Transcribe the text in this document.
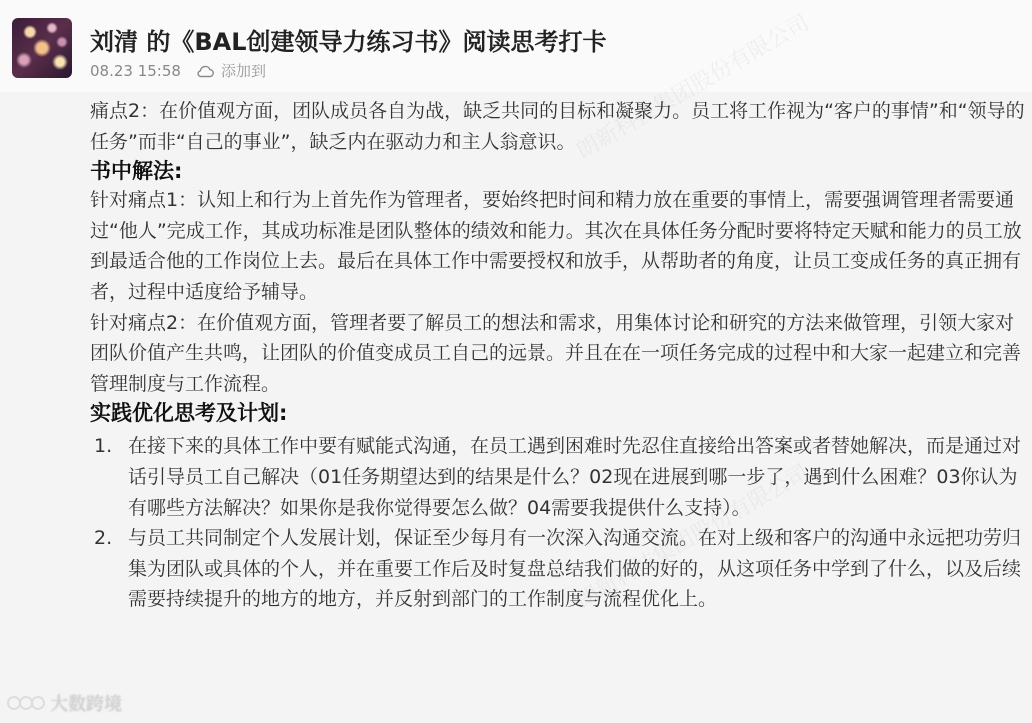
刘清 的《BAL创建领导力练习书》阅读思考打卡
08.23 15:58	添加到
朗新科技集团股份有限公司

痛点2：在价值观方面，团队成员各自为战，缺乏共同的目标和凝聚力。员工将工作视为“客户的事情”和“领导的任务”而非“自己的事业”，缺乏内在驱动力和主人翁意识。

书中解法:

针对痛点1：认知上和行为上首先作为管理者，要始终把时间和精力放在重要的事情上，需要强调管理者需要通过“他人”完成工作，其成功标准是团队整体的绩效和能力。其次在具体任务分配时要将特定天赋和能力的员工放到最适合他的工作岗位上去。最后在具体工作中需要授权和放手，从帮助者的角度，让员工变成任务的真正拥有者，过程中适度给予辅导。

针对痛点2：在价值观方面，管理者要了解员工的想法和需求，用集体讨论和研究的方法来做管理，引领大家对团队价值产生共鸣，让团队的价值变成员工自己的远景。并且在在一项任务完成的过程中和大家一起建立和完善管理制度与工作流程。

实践优化思考及计划:
1. 在接下来的具体工作中要有赋能式沟通，在员工遇到困难时先忍住直接给出答案或者替她解决，而是通过对话引导员工自己解决（01任务期望达到的结果是什么？02现在进展到哪一步了，遇到什么困难？03你认为有哪些方法解决？如果你是我你觉得要怎么做？04需要我提供什么支持）。
2. 与员工共同制定个人发展计划，保证至少每月有一次深入沟通交流。在对上级和客户的沟通中永远把功劳归集为团队或具体的个人，并在重要工作后及时复盘总结我们做的好的，从这项任务中学到了什么，以及后续需要持续提升的地方的地方，并反射到部门的工作制度与流程优化上。
大数跨境
